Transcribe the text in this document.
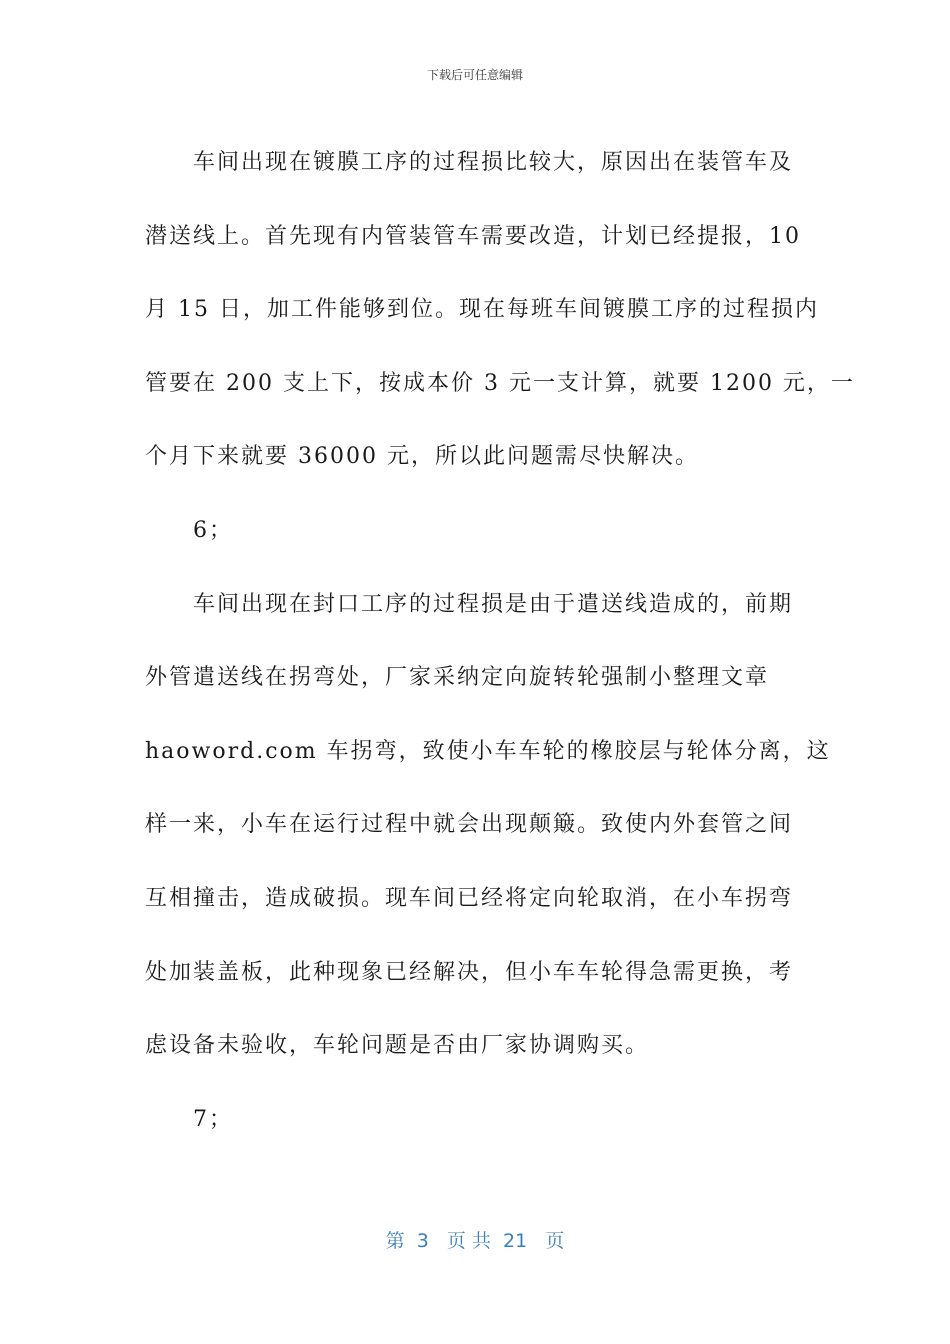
下载后可任意编辑
车间出现在镀膜工序的过程损比较大，原因出在装管车及
潜送线上。首先现有内管装管车需要改造，计划已经提报，10
月 15 日，加工件能够到位。现在每班车间镀膜工序的过程损内
管要在 200 支上下，按成本价 3 元一支计算，就要 1200 元，一
个月下来就要 36000 元，所以此问题需尽快解决。
6；
车间出现在封口工序的过程损是由于遣送线造成的，前期
外管遣送线在拐弯处，厂家采纳定向旋转轮强制小整理文章
haoword.com 车拐弯，致使小车车轮的橡胶层与轮体分离，这
样一来，小车在运行过程中就会出现颠簸。致使内外套管之间
互相撞击，造成破损。现车间已经将定向轮取消，在小车拐弯
处加装盖板，此种现象已经解决，但小车车轮得急需更换，考
虑设备未验收，车轮问题是否由厂家协调购买。
7；
第  3   页 共  21   页
